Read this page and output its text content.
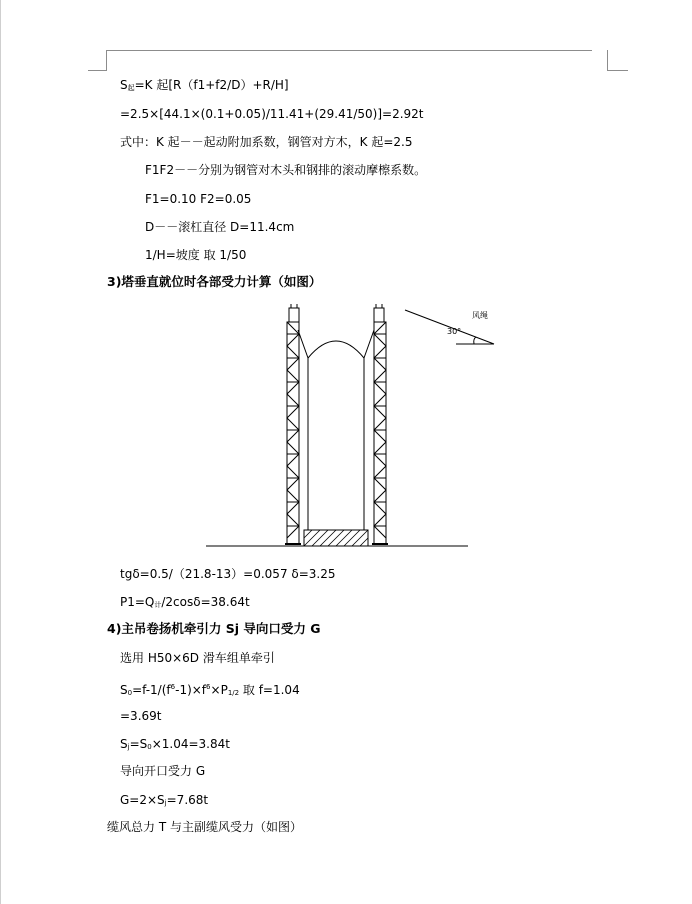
$S_起=K$ 起[R（f1+f2/D）+R/H]
=2.5×[44.1×(0.1+0.05)/11.41+(29.41/50)]=2.92t
式中：K 起－－起动附加系数，钢管对方木，K 起=2.5
F1F2－－分别为钢管对木头和钢排的滚动摩檫系数。
F1=0.10 F2=0.05
D－－滚杠直径 D=11.4cm
1/H=坡度 取 1/50
3)塔垂直就位时各部受力计算（如图）
风绳
30°
tgδ=0.5/（21.8-13）=0.057 δ=3.25
$P1=Q_计/2\cos\delta=38.64t$
4)主吊卷扬机牵引力 Sj 导向口受力 G
选用 H50×6D 滑车组单牵引
$S_0=f-1/(f^6-1)\times f^6\times P_{1/2}$ 取 f=1.04
=3.69t
$S_j=S_0\times 1.04=3.84t$
导向开口受力 G
$G=2\times S_j=7.68t$
缆风总力 T 与主副缆风受力（如图）
